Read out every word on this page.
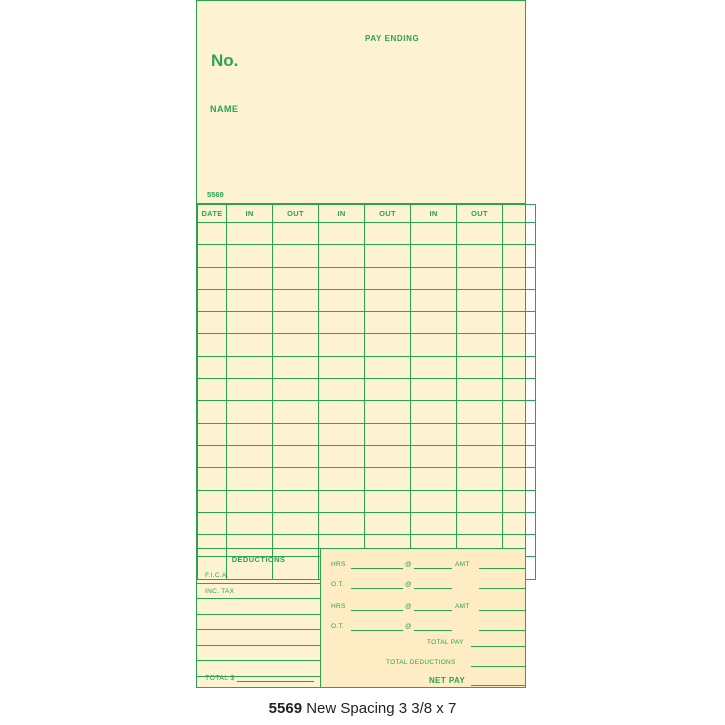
PAY ENDING
No.
NAME
5569
DATE	IN	OUT	IN	OUT	IN	OUT	

DEDUCTIONS
F.I.C.A.
INC. TAX
TOTAL $
HRS	@	AMT
O.T.	@
HRS	@	AMT
O.T.	@
TOTAL PAY
TOTAL DEDUCTIONS
NET PAY
5569 New Spacing 3 3/8 x 7
